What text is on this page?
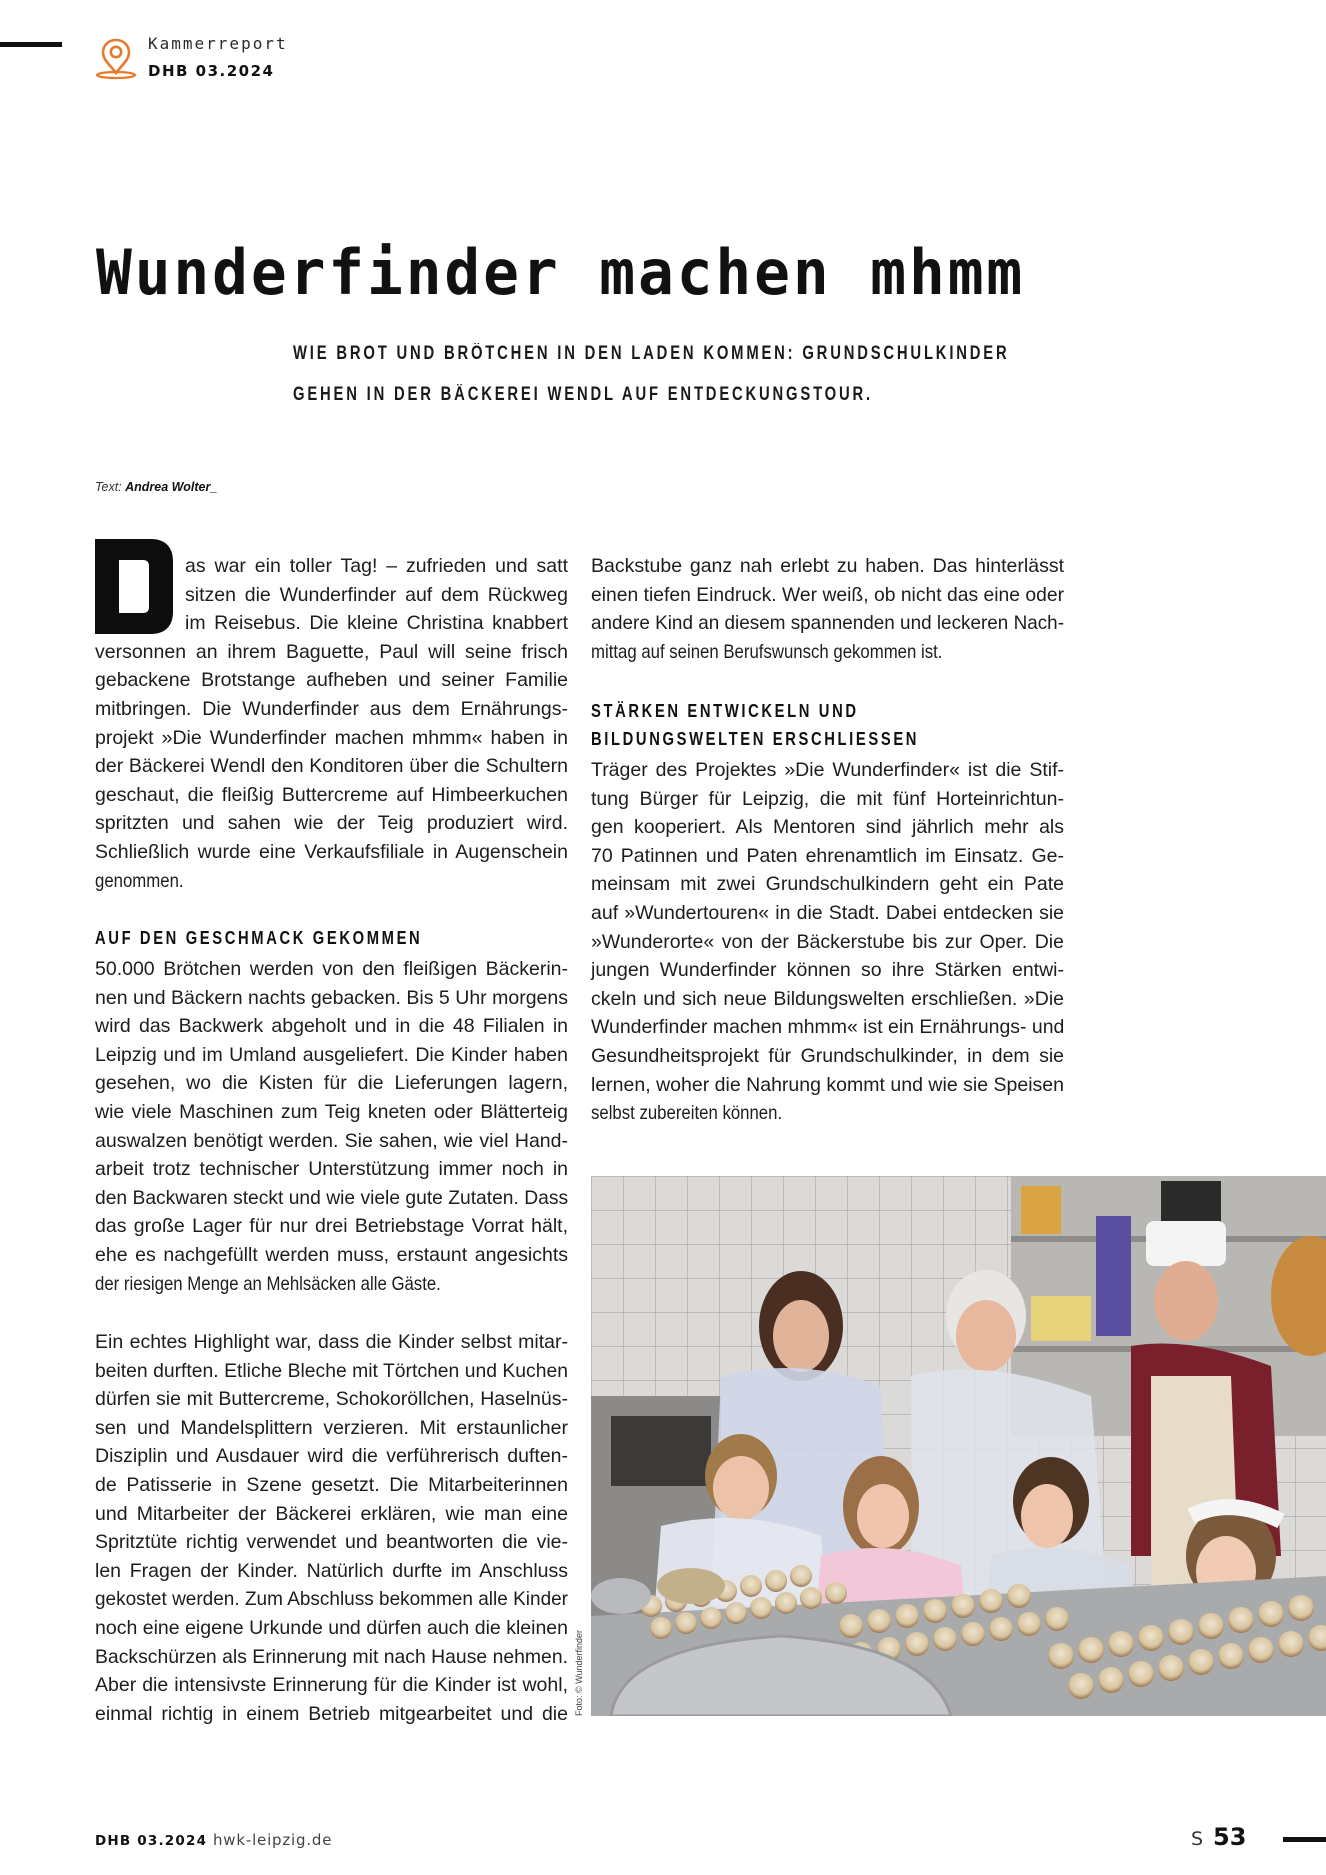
Kammerreport
DHB 03.2024
Wunderfinder machen mhmm
WIE BROT UND BRÖTCHEN IN DEN LADEN KOMMEN: GRUNDSCHULKINDER
GEHEN IN DER BÄCKEREI WENDL AUF ENTDECKUNGSTOUR.
Text: Andrea Wolter_
as war ein toller Tag! – zufrieden und satt
sitzen die Wunderfinder auf dem Rückweg
im Reisebus. Die kleine Christina knabbert
versonnen an ihrem Baguette, Paul will seine frisch
gebackene Brotstange aufheben und seiner Familie
mitbringen. Die Wunderfinder aus dem Ernährungs-
projekt »Die Wunderfinder machen mhmm« haben in
der Bäckerei Wendl den Konditoren über die Schultern
geschaut, die fleißig Buttercreme auf Himbeerkuchen
spritzten und sahen wie der Teig produziert wird.
Schließlich wurde eine Verkaufsfiliale in Augenschein
genommen.
50.000 Brötchen werden von den fleißigen Bäckerin-
nen und Bäckern nachts gebacken. Bis 5 Uhr morgens
wird das Backwerk abgeholt und in die 48 Filialen in
Leipzig und im Umland ausgeliefert. Die Kinder haben
gesehen, wo die Kisten für die Lieferungen lagern,
wie viele Maschinen zum Teig kneten oder Blätterteig
auswalzen benötigt werden. Sie sahen, wie viel Hand-
arbeit trotz technischer Unterstützung immer noch in
den Backwaren steckt und wie viele gute Zutaten. Dass
das große Lager für nur drei Betriebstage Vorrat hält,
ehe es nachgefüllt werden muss, erstaunt angesichts
der riesigen Menge an Mehlsäcken alle Gäste.
Ein echtes Highlight war, dass die Kinder selbst mitar-
beiten durften. Etliche Bleche mit Törtchen und Kuchen
dürfen sie mit Buttercreme, Schokoröllchen, Haselnüs-
sen und Mandelsplittern verzieren. Mit erstaunlicher
Disziplin und Ausdauer wird die verführerisch duften-
de Patisserie in Szene gesetzt. Die Mitarbeiterinnen
und Mitarbeiter der Bäckerei erklären, wie man eine
Spritztüte richtig verwendet und beantworten die vie-
len Fragen der Kinder. Natürlich durfte im Anschluss
gekostet werden. Zum Abschluss bekommen alle Kinder
noch eine eigene Urkunde und dürfen auch die kleinen
Backschürzen als Erinnerung mit nach Hause nehmen.
Aber die intensivste Erinnerung für die Kinder ist wohl,
einmal richtig in einem Betrieb mitgearbeitet und die
AUF DEN GESCHMACK GEKOMMEN
Backstube ganz nah erlebt zu haben. Das hinterlässt
einen tiefen Eindruck. Wer weiß, ob nicht das eine oder
andere Kind an diesem spannenden und leckeren Nach-
mittag auf seinen Berufswunsch gekommen ist.
Träger des Projektes »Die Wunderfinder« ist die Stif-
tung Bürger für Leipzig, die mit fünf Horteinrichtun-
gen kooperiert. Als Mentoren sind jährlich mehr als
70 Patinnen und Paten ehrenamtlich im Einsatz. Ge-
meinsam mit zwei Grundschulkindern geht ein Pate
auf »Wundertouren« in die Stadt. Dabei entdecken sie
»Wunderorte« von der Bäckerstube bis zur Oper. Die
jungen Wunderfinder können so ihre Stärken entwi-
ckeln und sich neue Bildungswelten erschließen. »Die
Wunderfinder machen mhmm« ist ein Ernährungs- und
Gesundheitsprojekt für Grundschulkinder, in dem sie
lernen, woher die Nahrung kommt und wie sie Speisen
selbst zubereiten können.
STÄRKEN ENTWICKELN UND
BILDUNGSWELTEN ERSCHLIESSEN
Foto: © Wunderfinder
DHB 03.2024 hwk-leipzig.de	S 53
